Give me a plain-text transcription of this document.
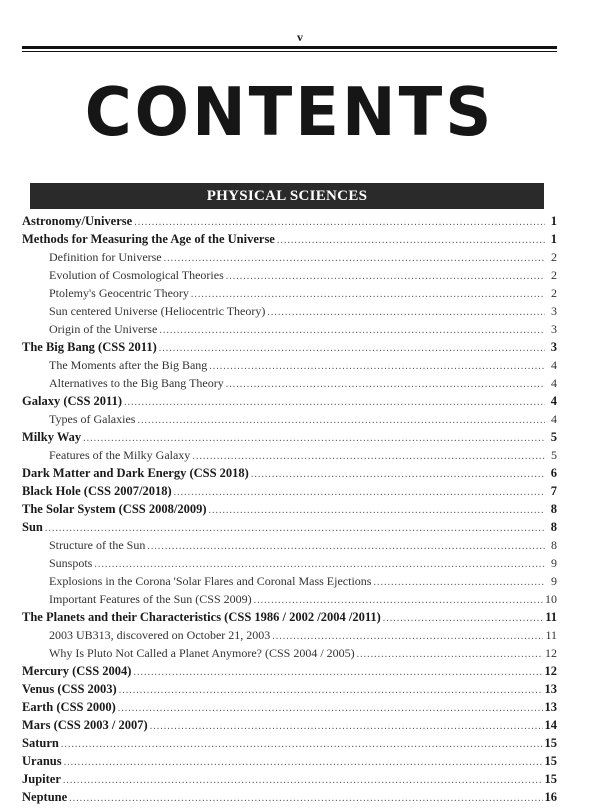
v
CONTENTS
PHYSICAL SCIENCES
Astronomy/Universe .....	1
Methods for Measuring the Age of the Universe .....	1
Definition for Universe .....	2
Evolution of Cosmological Theories .....	2
Ptolemy's Geocentric Theory .....	2
Sun centered Universe (Heliocentric Theory) .....	3
Origin of the Universe .....	3
The Big Bang (CSS 2011) .....	3
The Moments after the Big Bang .....	4
Alternatives to the Big Bang Theory .....	4
Galaxy (CSS 2011) .....	4
Types of Galaxies .....	4
Milky Way .....	5
Features of the Milky Galaxy .....	5
Dark Matter and Dark Energy (CSS 2018) .....	6
Black Hole (CSS 2007/2018) .....	7
The Solar System (CSS 2008/2009) .....	8
Sun .....	8
Structure of the Sun .....	8
Sunspots .....	9
Explosions in the Corona 'Solar Flares and Coronal Mass Ejections .....	9
Important Features of the Sun (CSS 2009) .....	10
The Planets and their Characteristics (CSS 1986 / 2002 /2004 /2011) .....	11
2003 UB313, discovered on October 21, 2003 .....	11
Why Is Pluto Not Called a Planet Anymore? (CSS 2004 / 2005) .....	12
Mercury (CSS 2004) .....	12
Venus (CSS 2003) .....	13
Earth (CSS 2000) .....	13
Mars (CSS 2003 / 2007) .....	14
Saturn .....	15
Uranus .....	15
Jupiter .....	15
Neptune .....	16
